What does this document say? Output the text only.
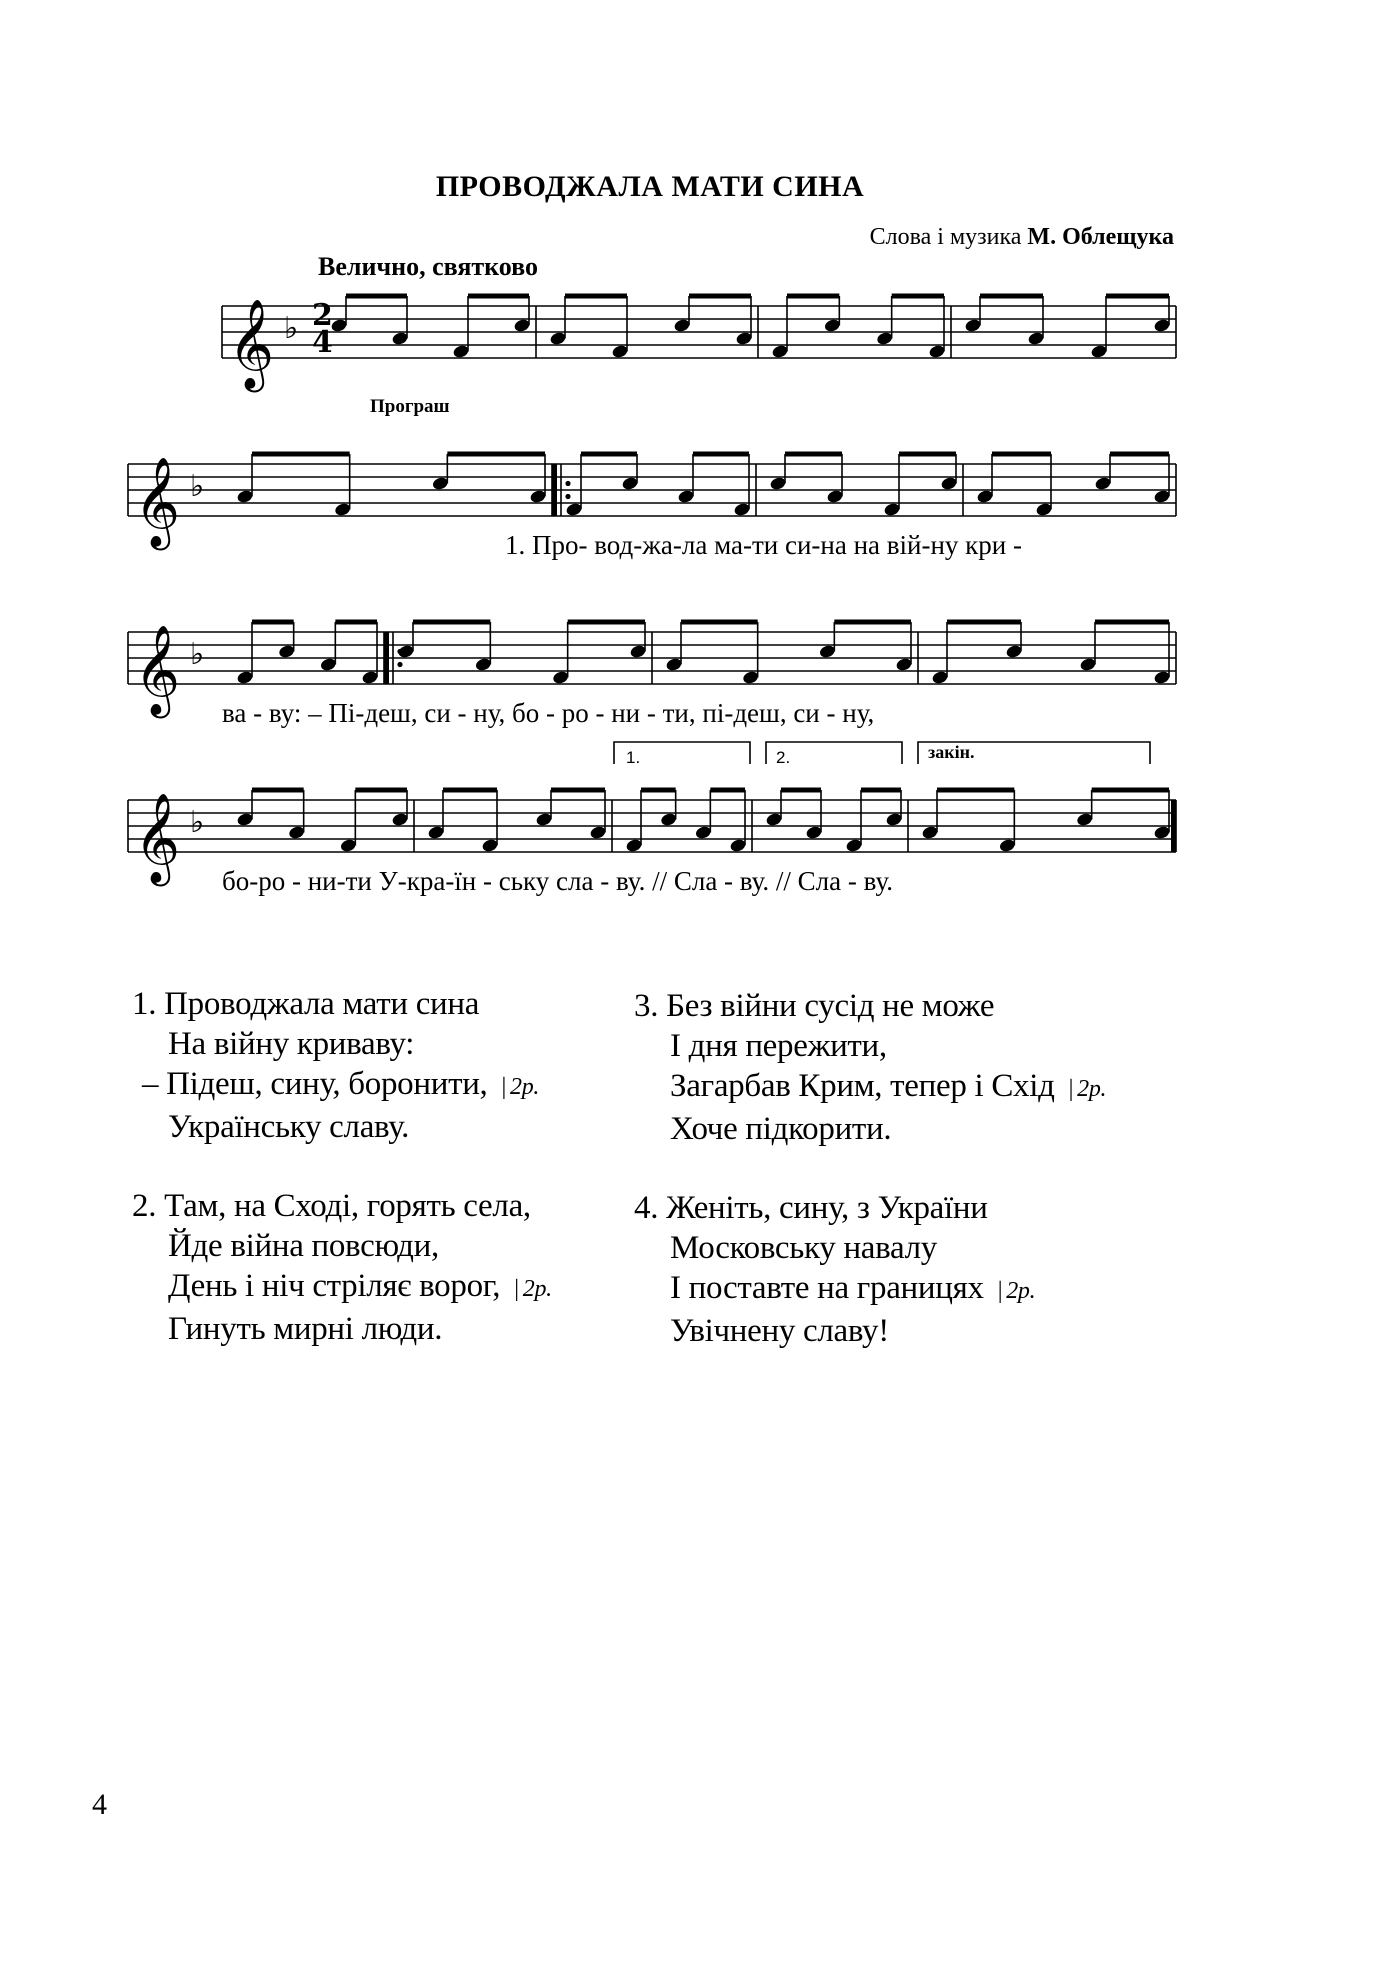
ПРОВОДЖАЛА МАТИ СИНА
Слова і музика М. Облещука
Велично, святково
Програш
𝄞 ♭
𝄞 ♭
𝄞 ♭
𝄞 ♭
2
4
1. Про- вод-жа-ла ма-ти си-на на вій-ну кри -
ва - ву: – Пі-деш, си - ну, бо - ро - ни - ти, пі-деш, си - ну,
бо-ро - ни-ти У-кра-їн - ську сла - ву. // Сла - ву. // Сла - ву.
1.	2.	закін.
1. Проводжала мати сина
На війну криваву:
– Підеш, сину, боронити, | 2р.
Українську славу.
2. Там, на Сході, горять села,
Йде війна повсюди,
День і ніч стріляє ворог, | 2р.
Гинуть мирні люди.
3. Без війни сусід не може
І дня пережити,
Загарбав Крим, тепер і Схід | 2р.
Хоче підкорити.
4. Женіть, сину, з України
Московську навалу
І поставте на границях | 2р.
Увічнену славу!
4
